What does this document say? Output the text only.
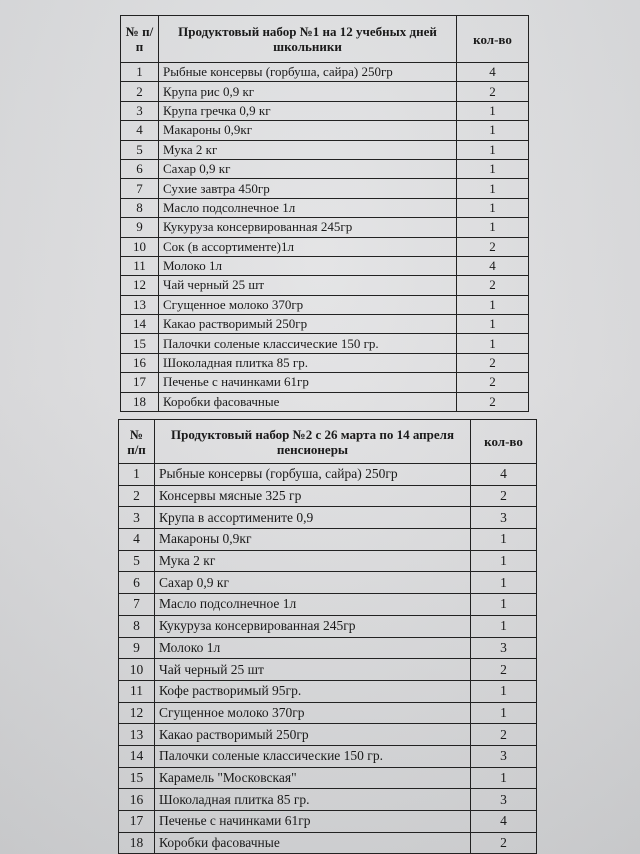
№ п/п	Продуктовый набор №1 на 12 учебных дней школьники	кол-во
1	Рыбные консервы (горбуша, сайра) 250гр	4
2	Крупа рис 0,9 кг	2
3	Крупа гречка 0,9 кг	1
4	Макароны 0,9кг	1
5	Мука 2 кг	1
6	Сахар 0,9 кг	1
7	Сухие завтра 450гр	1
8	Масло подсолнечное 1л	1
9	Кукуруза консервированная 245гр	1
10	Сок (в ассортименте)1л	2
11	Молоко 1л	4
12	Чай черный 25 шт	2
13	Сгущенное молоко 370гр	1
14	Какао растворимый 250гр	1
15	Палочки соленые классические 150 гр.	1
16	Шоколадная плитка 85 гр.	2
17	Печенье с начинками 61гр	2
18	Коробки фасовачные	2
№ п/п	Продуктовый набор №2 с 26 марта по 14 апреля пенсионеры	кол-во
1	Рыбные консервы (горбуша, сайра) 250гр	4
2	Консервы мясные 325 гр	2
3	Крупа в ассортимените 0,9	3
4	Макароны 0,9кг	1
5	Мука 2 кг	1
6	Сахар 0,9 кг	1
7	Масло подсолнечное 1л	1
8	Кукуруза консервированная 245гр	1
9	Молоко 1л	3
10	Чай черный 25 шт	2
11	Кофе растворимый 95гр.	1
12	Сгущенное молоко 370гр	1
13	Какао растворимый 250гр	2
14	Палочки соленые классические 150 гр.	3
15	Карамель "Московская"	1
16	Шоколадная плитка 85 гр.	3
17	Печенье с начинками 61гр	4
18	Коробки фасовачные	2
